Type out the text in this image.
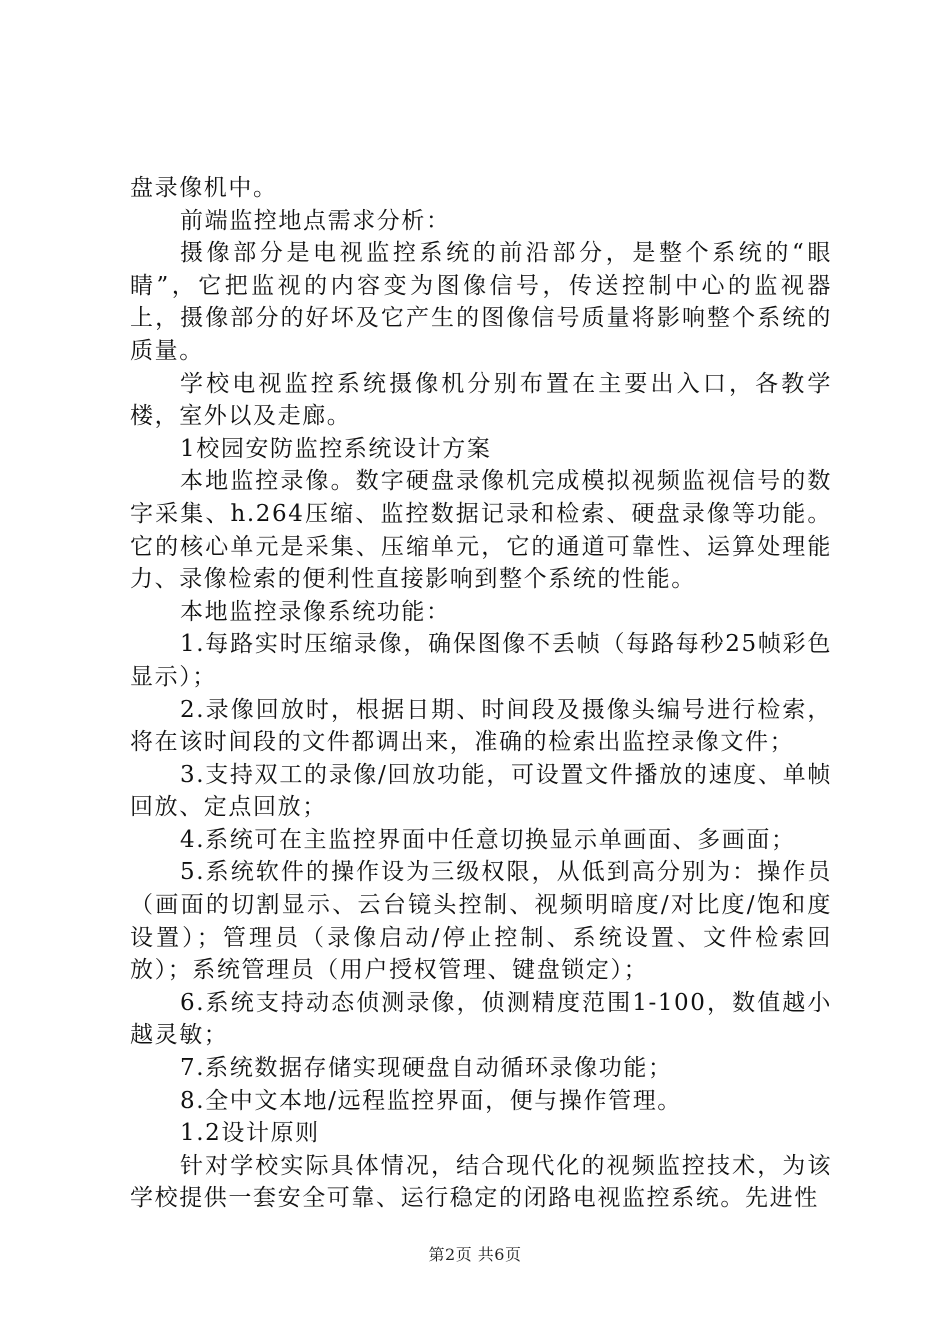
盘录像机中。

前端监控地点需求分析：

摄像部分是电视监控系统的前沿部分，是整个系统的“眼睛”，它把监视的内容变为图像信号，传送控制中心的监视器上，摄像部分的好坏及它产生的图像信号质量将影响整个系统的质量。

学校电视监控系统摄像机分别布置在主要出入口，各教学楼，室外以及走廊。

1校园安防监控系统设计方案

本地监控录像。数字硬盘录像机完成模拟视频监视信号的数字采集、h.264压缩、监控数据记录和检索、硬盘录像等功能。它的核心单元是采集、压缩单元，它的通道可靠性、运算处理能力、录像检索的便利性直接影响到整个系统的性能。

本地监控录像系统功能：

1.每路实时压缩录像，确保图像不丢帧（每路每秒25帧彩色显示）；

2.录像回放时，根据日期、时间段及摄像头编号进行检索，将在该时间段的文件都调出来，准确的检索出监控录像文件；

3.支持双工的录像/回放功能，可设置文件播放的速度、单帧回放、定点回放；

4.系统可在主监控界面中任意切换显示单画面、多画面；

5.系统软件的操作设为三级权限，从低到高分别为：操作员（画面的切割显示、云台镜头控制、视频明暗度/对比度/饱和度设置）；管理员（录像启动/停止控制、系统设置、文件检索回放）；系统管理员（用户授权管理、键盘锁定）；

6.系统支持动态侦测录像，侦测精度范围1-100，数值越小越灵敏；

7.系统数据存储实现硬盘自动循环录像功能；

8.全中文本地/远程监控界面，便与操作管理。

1.2设计原则

针对学校实际具体情况，结合现代化的视频监控技术，为该学校提供一套安全可靠、运行稳定的闭路电视监控系统。先进性

第2页 共6页
